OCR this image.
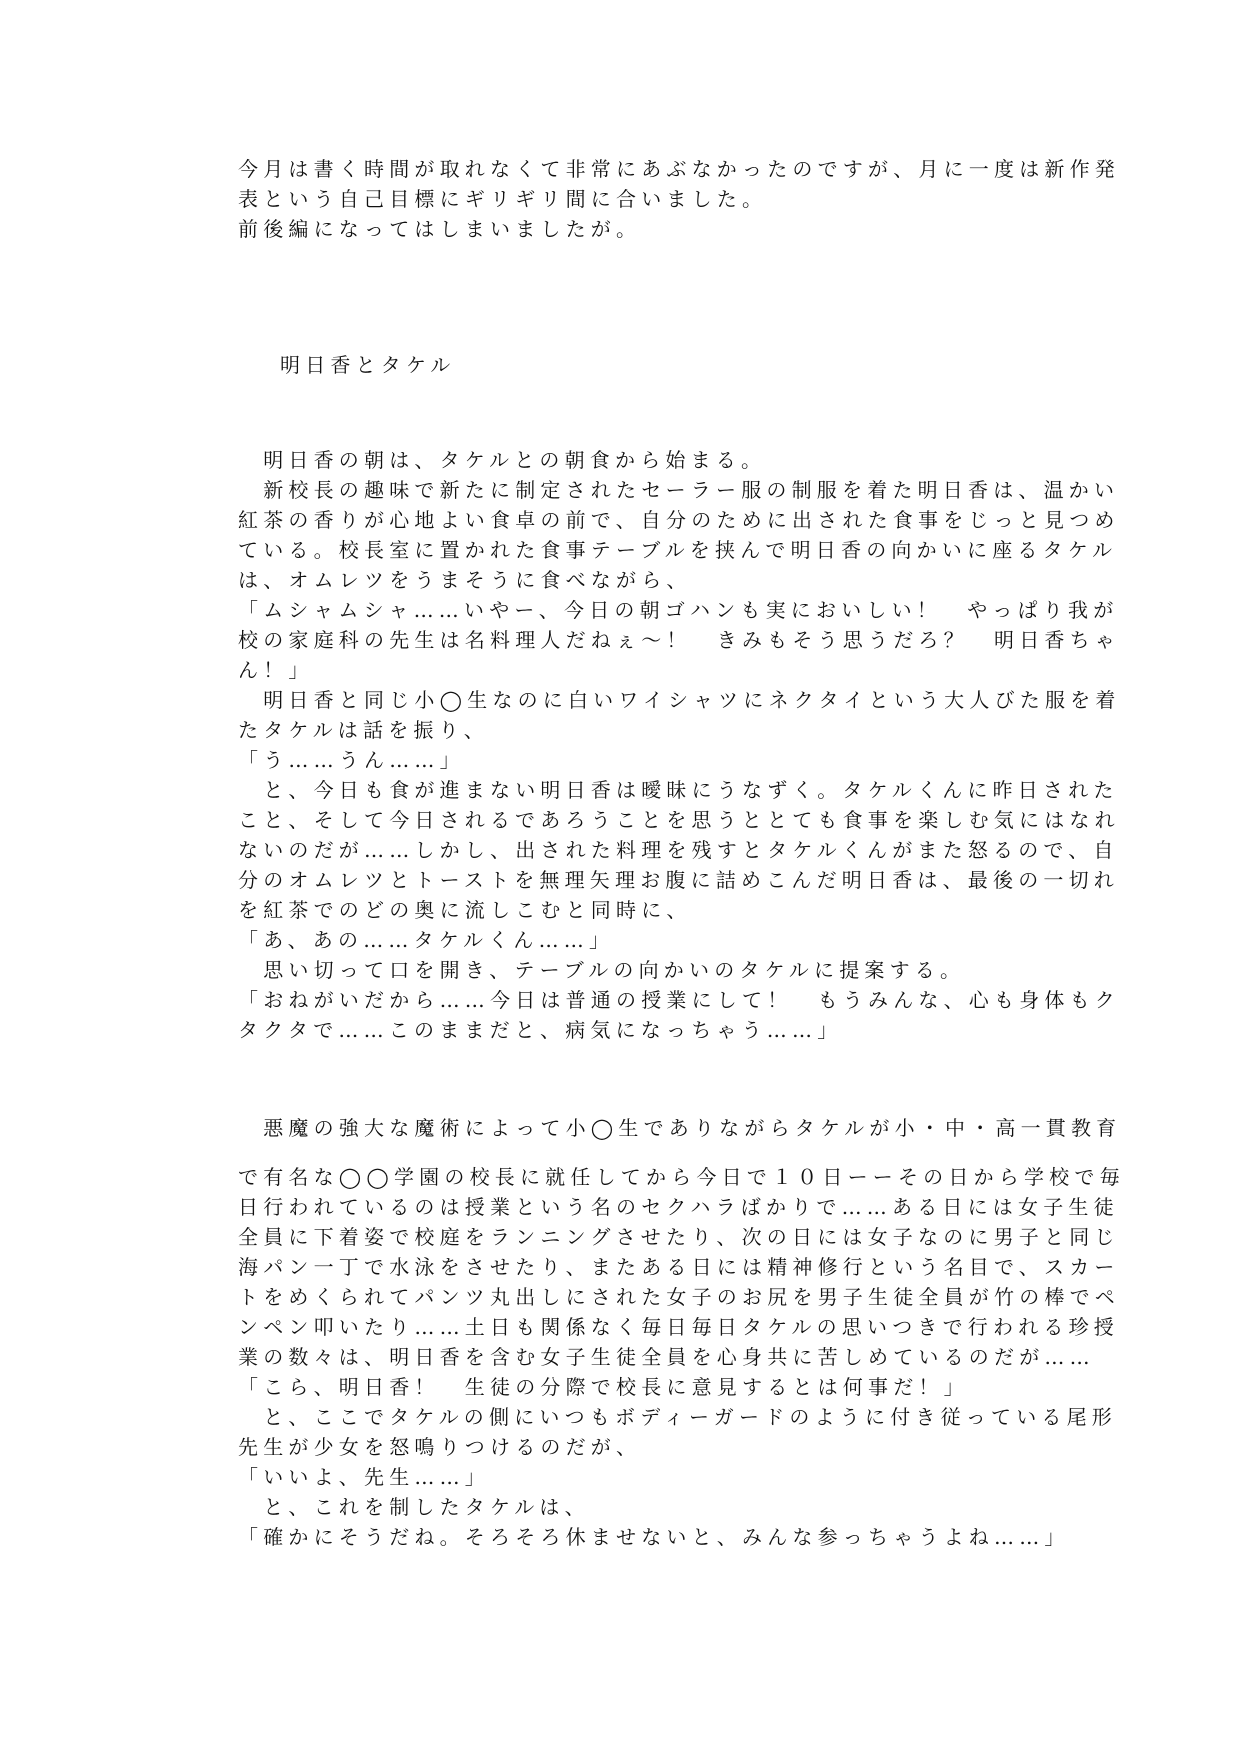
今月は書く時間が取れなくて非常にあぶなかったのですが、月に一度は新作発
表という自己目標にギリギリ間に合いました。
前後編になってはしまいましたが。
明日香とタケル
　明日香の朝は、タケルとの朝食から始まる。
　新校長の趣味で新たに制定されたセーラー服の制服を着た明日香は、温かい
紅茶の香りが心地よい食卓の前で、自分のために出された食事をじっと見つめ
ている。校長室に置かれた食事テーブルを挟んで明日香の向かいに座るタケル
は、オムレツをうまそうに食べながら、
「ムシャムシャ……いやー、今日の朝ゴハンも実においしい！　やっぱり我が
校の家庭科の先生は名料理人だねぇ〜！　きみもそう思うだろ？　明日香ちゃ
ん！」
　明日香と同じ小◯生なのに白いワイシャツにネクタイという大人びた服を着
たタケルは話を振り、
「う……うん……」
　と、今日も食が進まない明日香は曖昧にうなずく。タケルくんに昨日された
こと、そして今日されるであろうことを思うととても食事を楽しむ気にはなれ
ないのだが……しかし、出された料理を残すとタケルくんがまた怒るので、自
分のオムレツとトーストを無理矢理お腹に詰めこんだ明日香は、最後の一切れ
を紅茶でのどの奥に流しこむと同時に、
「あ、あの……タケルくん……」
　思い切って口を開き、テーブルの向かいのタケルに提案する。
「おねがいだから……今日は普通の授業にして！　もうみんな、心も身体もク
タクタで……このままだと、病気になっちゃう……」
　悪魔の強大な魔術によって小◯生でありながらタケルが小・中・高一貫教育
で有名な◯◯学園の校長に就任してから今日で１０日ーーその日から学校で毎
日行われているのは授業という名のセクハラばかりで……ある日には女子生徒
全員に下着姿で校庭をランニングさせたり、次の日には女子なのに男子と同じ
海パン一丁で水泳をさせたり、またある日には精神修行という名目で、スカー
トをめくられてパンツ丸出しにされた女子のお尻を男子生徒全員が竹の棒でペ
ンペン叩いたり……土日も関係なく毎日毎日タケルの思いつきで行われる珍授
業の数々は、明日香を含む女子生徒全員を心身共に苦しめているのだが……
「こら、明日香！　生徒の分際で校長に意見するとは何事だ！」
　と、ここでタケルの側にいつもボディーガードのように付き従っている尾形
先生が少女を怒鳴りつけるのだが、
「いいよ、先生……」
　と、これを制したタケルは、
「確かにそうだね。そろそろ休ませないと、みんな参っちゃうよね……」
